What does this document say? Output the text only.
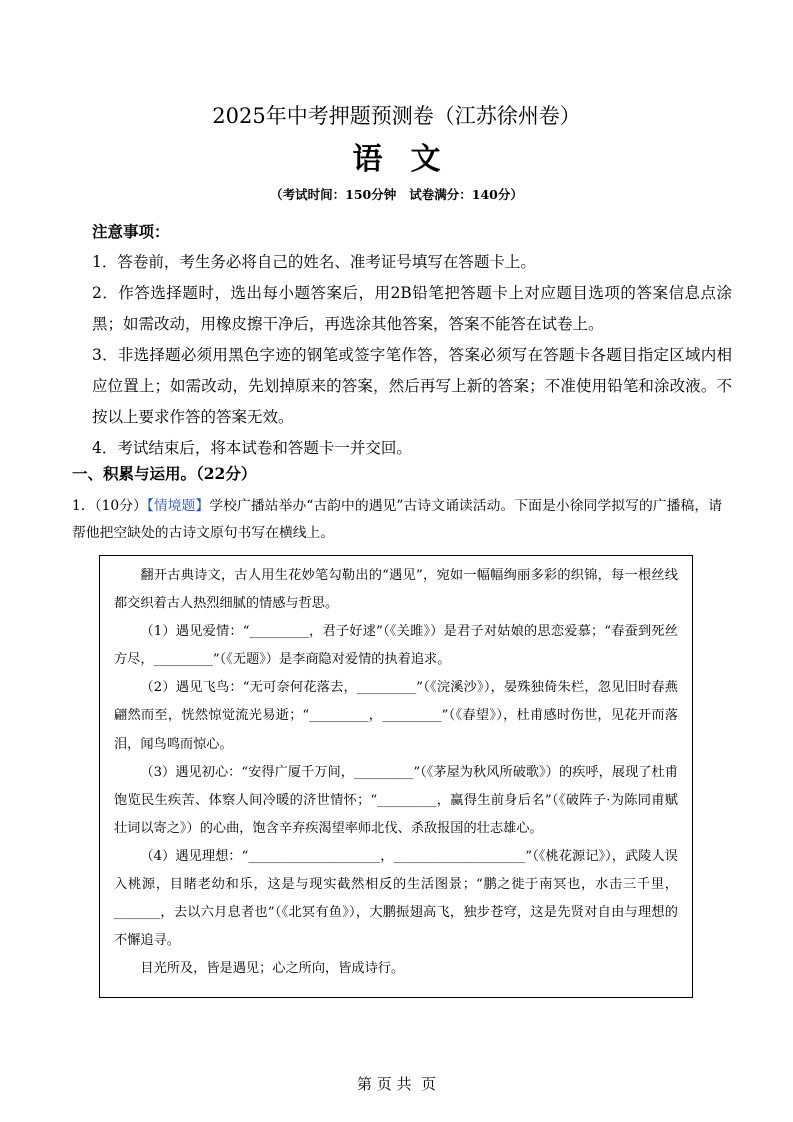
2025年中考押题预测卷（江苏徐州卷）
语文
（考试时间：150分钟   试卷满分：140分）

注意事项：

1．答卷前，考生务必将自己的姓名、准考证号填写在答题卡上。

2．作答选择题时，选出每小题答案后，用2B铅笔把答题卡上对应题目选项的答案信息点涂黑；如需改动，用橡皮擦干净后，再选涂其他答案，答案不能答在试卷上。

3．非选择题必须用黑色字迹的钢笔或签字笔作答，答案必须写在答题卡各题目指定区域内相应位置上；如需改动，先划掉原来的答案，然后再写上新的答案；不准使用铅笔和涂改液。不按以上要求作答的答案无效。

4．考试结束后，将本试卷和答题卡一并交回。

一、积累与运用。（22分）
1．（10分）【情境题】学校广播站举办“古韵中的遇见”古诗文诵读活动。下面是小徐同学拟写的广播稿，请帮他把空缺处的古诗文原句书写在横线上。

翻开古典诗文，古人用生花妙笔勾勒出的“遇见”，宛如一幅幅绚丽多彩的织锦，每一根丝线都交织着古人热烈细腻的情感与哲思。

（1）遇见爱情：“_________，君子好逑”（《关雎》）是君子对姑娘的思恋爱慕；“春蚕到死丝方尽，_________”（《无题》）是李商隐对爱情的执着追求。

（2）遇见飞鸟：“无可奈何花落去，_________”（《浣溪沙》），晏殊独倚朱栏，忽见旧时春燕翩然而至，恍然惊觉流光易逝；“_________，_________”（《春望》），杜甫感时伤世，见花开而落泪，闻鸟鸣而惊心。

（3）遇见初心：“安得广厦千万间，_________”（《茅屋为秋风所破歌》）的疾呼，展现了杜甫饱览民生疾苦、体察人间冷暖的济世情怀；“_________，赢得生前身后名”（《破阵子·为陈同甫赋壮词以寄之》）的心曲，饱含辛弃疾渴望率师北伐、杀敌报国的壮志雄心。

（4）遇见理想：“____________________，____________________”（《桃花源记》），武陵人误入桃源，目睹老幼和乐，这是与现实截然相反的生活图景；“鹏之徙于南冥也，水击三千里，_______，去以六月息者也”（《北冥有鱼》），大鹏振翅高飞，独步苍穹，这是先贤对自由与理想的不懈追寻。

目光所及，皆是遇见；心之所向，皆成诗行。

第 页 共  页
